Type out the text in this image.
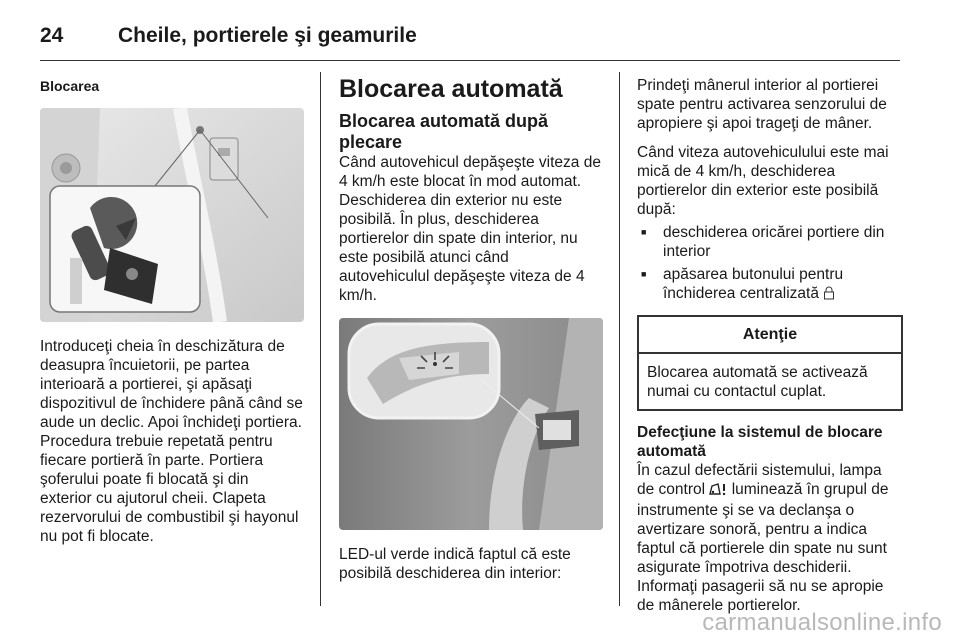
24	Cheile, portierele şi geamurile
Blocarea

Introduceţi cheia în deschizătura de deasupra încuietorii, pe partea interioară a portierei, şi apăsaţi dispozitivul de închidere până când se aude un declic. Apoi închideţi portiera. Procedura trebuie repetată pentru fiecare portieră în parte. Portiera şoferului poate fi blocată şi din exterior cu ajutorul cheii. Clapeta rezervorului de combustibil şi hayonul nu pot fi blocate.

Blocarea automată
Blocarea automată după plecare

Când autovehicul depăşeşte viteza de 4 km/h este blocat în mod automat. Deschiderea din exterior nu este posibilă. În plus, deschiderea portierelor din spate din interior, nu este posibilă atunci când autovehiculul depăşeşte viteza de 4 km/h.

LED-ul verde indică faptul că este posibilă deschiderea din interior:

Prindeţi mânerul interior al portierei spate pentru activarea senzorului de apropiere şi apoi trageţi de mâner.

Când viteza autovehiculului este mai mică de 4 km/h, deschiderea portierelor din exterior este posibilă după:

■	deschiderea oricărei portiere din interior
■	apăsarea butonului pentru închiderea centralizată
Atenţie
Blocarea automată se activează numai cu contactul cuplat.
Defecţiune la sistemul de blocare automată

În cazul defectării sistemului, lampa de control luminează în grupul de instrumente şi se va declanşa o avertizare sonoră, pentru a indica faptul că portierele din spate nu sunt asigurate împotriva deschiderii. Informaţi pasagerii să nu se apropie de mânerele portierelor.

carmanualsonline.info
